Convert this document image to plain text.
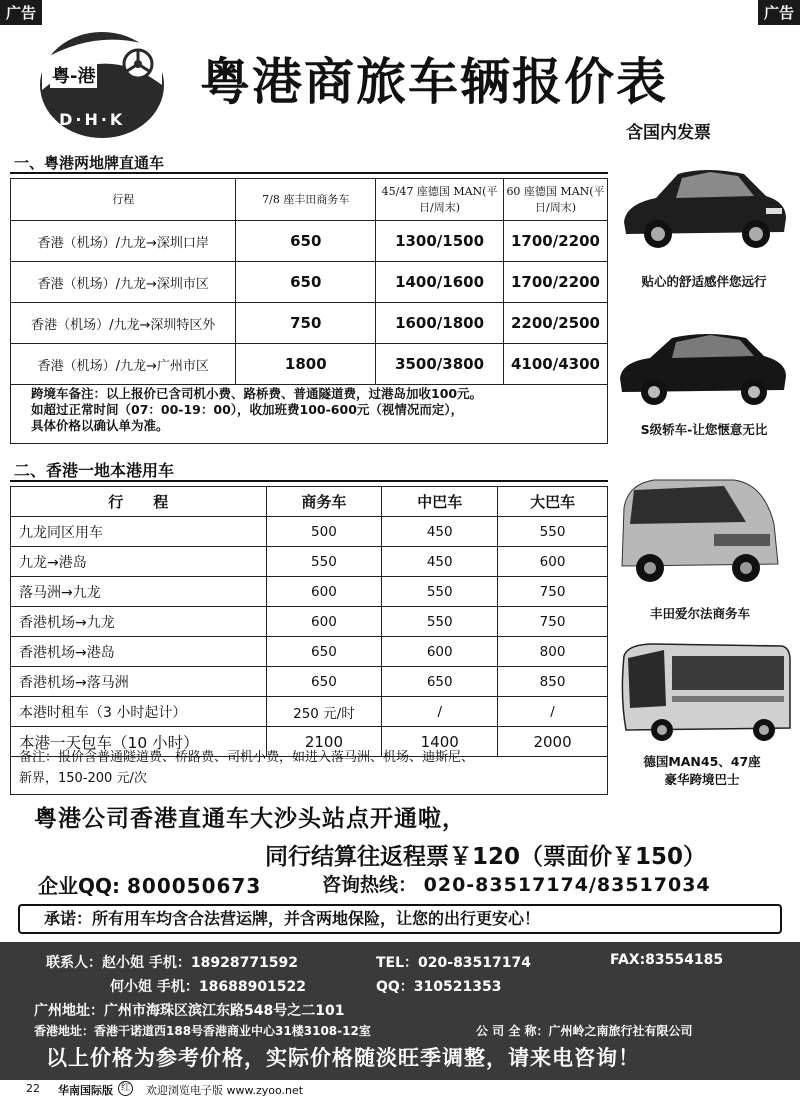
广告	广告
粤-港
·D·H·K
粤港商旅车辆报价表
含国内发票
一、粤港两地牌直通车
行程	7/8 座丰田商务车	45/47 座德国 MAN(平日/周末)	60 座德国 MAN(平日/周末)
香港（机场）/九龙→深圳口岸	650	1300/1500	1700/2200
香港（机场）/九龙→深圳市区	650	1400/1600	1700/2200
香港（机场）/九龙→深圳特区外	750	1600/1800	2200/2500
香港（机场）/九龙→广州市区	1800	3500/3800	4100/4300
跨境车备注：以上报价已含司机小费、路桥费、普通隧道费，过港岛加收100元。
如超过正常时间（07：00-19：00），收加班费100-600元（视情况而定），
具体价格以确认单为准。
二、香港一地本港用车
行　　程	商务车	中巴车	大巴车
九龙同区用车	500	450	550
九龙→港岛	550	450	600
落马洲→九龙	600	550	750
香港机场→九龙	600	550	750
香港机场→港岛	650	600	800
香港机场→落马洲	650	650	850
本港时租车（3 小时起计）	250 元/时	/	/
本港一天包车（10 小时）	2100	1400	2000
备注：报价含普通隧道费、桥路费、司机小费，如进入落马洲、机场、迪斯尼、
新界，150-200 元/次
贴心的舒适感伴您远行
S级轿车-让您惬意无比
丰田爱尔法商务车
德国MAN45、47座
豪华跨境巴士
粤港公司香港直通车大沙头站点开通啦，
同行结算往返程票￥120（票面价￥150）
企业QQ: 800050673	咨询热线： 020-83517174/83517034
承诺：所有用车均含合法营运牌，并含两地保险，让您的出行更安心！
联系人：赵小姐 手机：18928771592	TEL：020-83517174	FAX:83554185
何小姐 手机：18688901522	QQ：310521353
广州地址：广州市海珠区滨江东路548号之二101
香港地址：香港干诺道西188号香港商业中心31楼3108-12室	公 司 全 称：广州岭之南旅行社有限公司
以上价格为参考价格，实际价格随淡旺季调整，请来电咨询！
22 华南国际版 红 欢迎浏览电子版 www.zyoo.net
